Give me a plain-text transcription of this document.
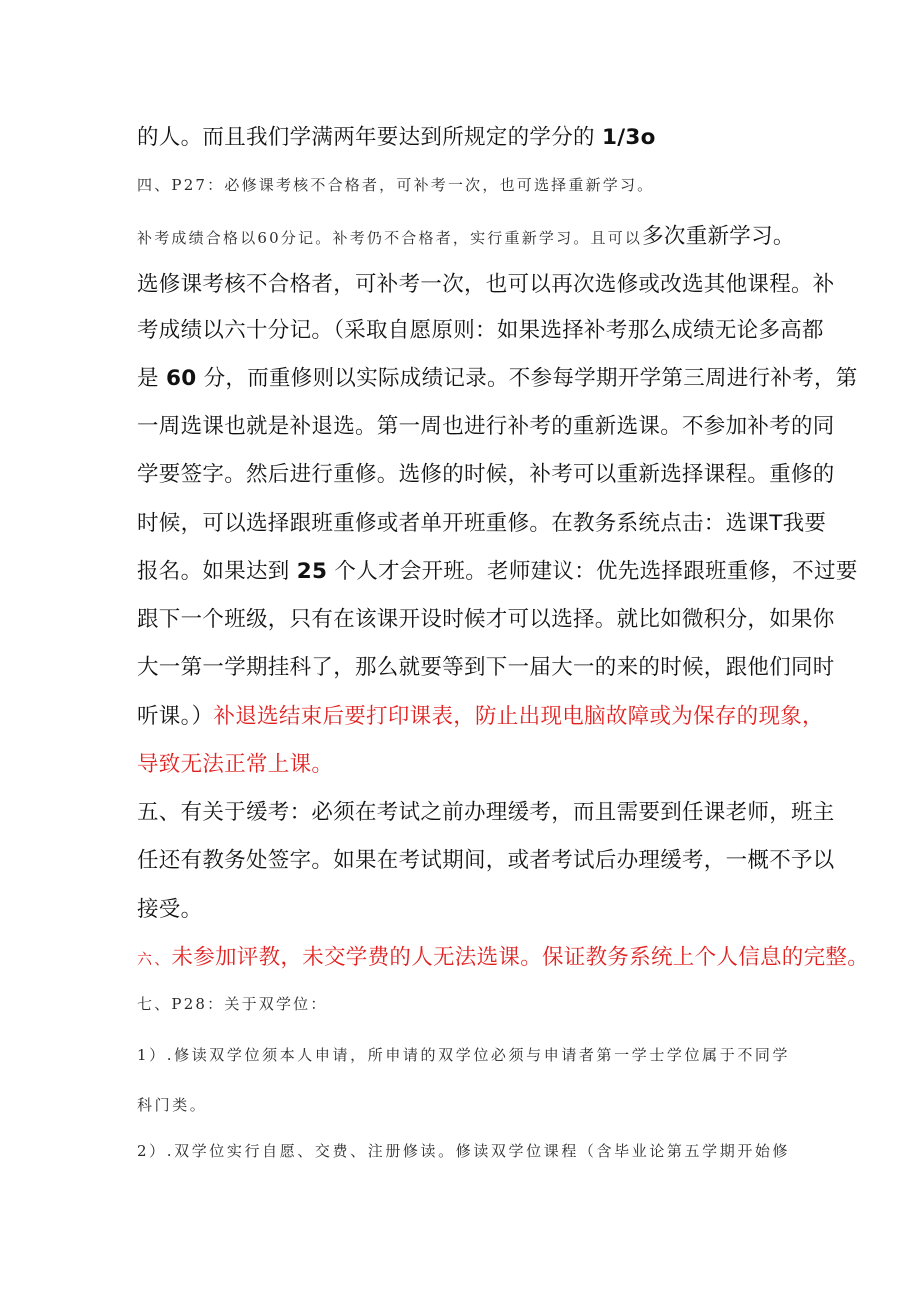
的人。而且我们学满两年要达到所规定的学分的 1/3o

四、P27：必修课考核不合格者，可补考一次，也可选择重新学习。

补考成绩合格以60分记。补考仍不合格者，实行重新学习。且可以多次重新学习。

选修课考核不合格者，可补考一次，也可以再次选修或改选其他课程。补

考成绩以六十分记。（采取自愿原则：如果选择补考那么成绩无论多高都

是 60 分，而重修则以实际成绩记录。不参每学期开学第三周进行补考，第

一周选课也就是补退选。第一周也进行补考的重新选课。不参加补考的同

学要签字。然后进行重修。选修的时候，补考可以重新选择课程。重修的

时候，可以选择跟班重修或者单开班重修。在教务系统点击：选课T我要

报名。如果达到 25 个人才会开班。老师建议：优先选择跟班重修，不过要

跟下一个班级，只有在该课开设时候才可以选择。就比如微积分，如果你

大一第一学期挂科了，那么就要等到下一届大一的来的时候，跟他们同时

听课。）补退选结束后要打印课表，防止出现电脑故障或为保存的现象，

导致无法正常上课。

五、有关于缓考：必须在考试之前办理缓考，而且需要到任课老师，班主

任还有教务处签字。如果在考试期间，或者考试后办理缓考，一概不予以

接受。

六、未参加评教，未交学费的人无法选课。保证教务系统上个人信息的完整。

七、P28：关于双学位：

1）.修读双学位须本人申请，所申请的双学位必须与申请者第一学士学位属于不同学

科门类。

2）.双学位实行自愿、交费、注册修读。修读双学位课程（含毕业论第五学期开始修
